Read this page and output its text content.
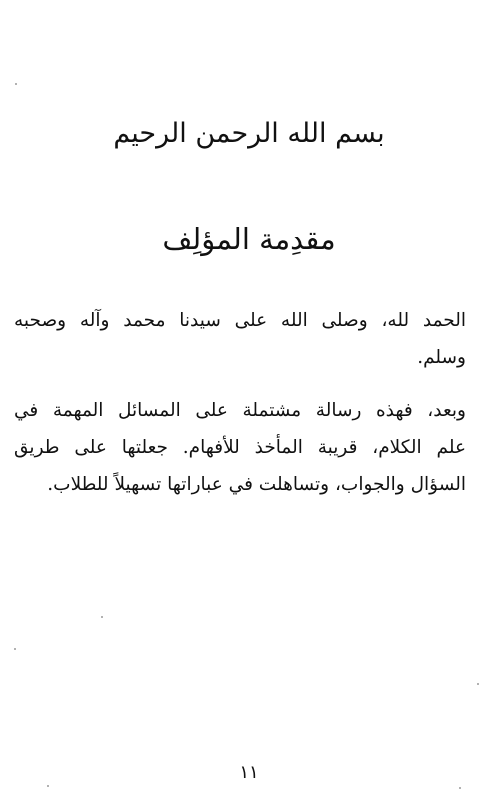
بسم الله الرحمن الرحيم
مقدِمة المؤلِف
الحمد لله، وصلى الله على سيدنا محمد وآله وصحبه
وسلم.
وبعد، فهذه رسالة مشتملة على المسائل المهمة في
علم الكلام، قريبة المأخذ للأفهام. جعلتها على طريق
السؤال والجواب، وتساهلت في عباراتها تسهيلاً للطلاب.
١١
